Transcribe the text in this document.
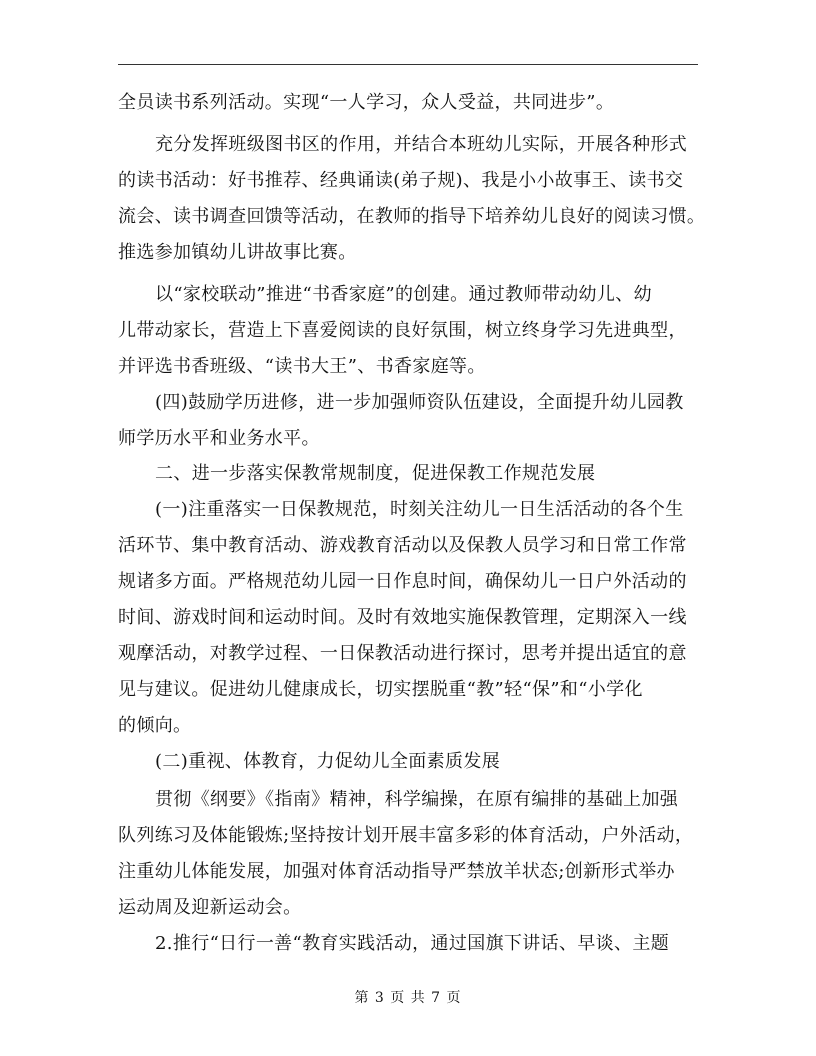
全员读书系列活动。实现“一人学习，众人受益，共同进步”。
充分发挥班级图书区的作用，并结合本班幼儿实际，开展各种形式
的读书活动：好书推荐、经典诵读(弟子规)、我是小小故事王、读书交
流会、读书调查回馈等活动，在教师的指导下培养幼儿良好的阅读习惯。
推选参加镇幼儿讲故事比赛。
以“家校联动”推进“书香家庭”的创建。通过教师带动幼儿、幼
儿带动家长，营造上下喜爱阅读的良好氛围，树立终身学习先进典型，
并评选书香班级、“读书大王”、书香家庭等。
(四)鼓励学历进修，进一步加强师资队伍建设，全面提升幼儿园教
师学历水平和业务水平。
二、进一步落实保教常规制度，促进保教工作规范发展
(一)注重落实一日保教规范，时刻关注幼儿一日生活活动的各个生
活环节、集中教育活动、游戏教育活动以及保教人员学习和日常工作常
规诸多方面。严格规范幼儿园一日作息时间，确保幼儿一日户外活动的
时间、游戏时间和运动时间。及时有效地实施保教管理，定期深入一线
观摩活动，对教学过程、一日保教活动进行探讨，思考并提出适宜的意
见与建议。促进幼儿健康成长，切实摆脱重“教”轻“保”和“小学化
的倾向。
(二)重视、体教育，力促幼儿全面素质发展
贯彻《纲要》《指南》精神，科学编操，在原有编排的基础上加强
队列练习及体能锻炼;坚持按计划开展丰富多彩的体育活动，户外活动，
注重幼儿体能发展，加强对体育活动指导严禁放羊状态;创新形式举办
运动周及迎新运动会。
2.推行“日行一善“教育实践活动，通过国旗下讲话、早谈、主题
第 3 页 共 7 页
